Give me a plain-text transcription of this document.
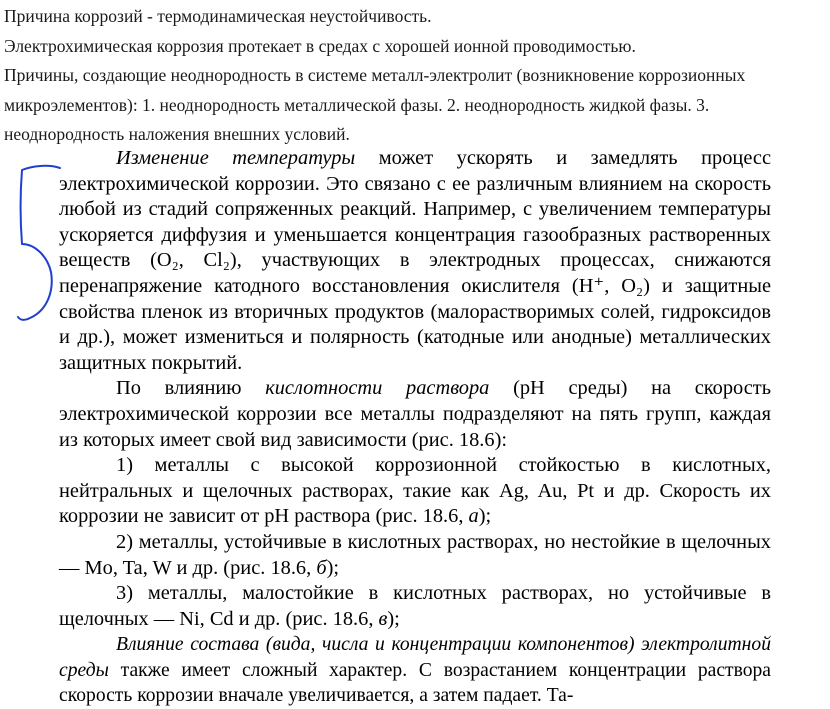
Причина коррозий - термодинамическая неустойчивость.

Электрохимическая коррозия протекает в средах с хорошей ионной проводимостью.

Причины, создающие неоднородность в системе металл-электролит (возникновение коррозионных микроэлементов): 1. неоднородность металлической фазы. 2. неоднородность жидкой фазы. 3. неоднородность наложения внешних условий.

Изменение температуры может ускорять и замедлять процесс электрохимической коррозии. Это связано с ее различным влиянием на скорость любой из стадий сопряженных реакций. Например, с увеличением температуры ускоряется диффузия и уменьшается концентрация газообразных растворенных веществ (O₂, Cl₂), участвующих в электродных процессах, снижаются перенапряжение катодного восстановления окислителя (H⁺, O₂) и защитные свойства пленок из вторичных продуктов (малорастворимых солей, гидроксидов и др.), может измениться и полярность (катодные или анодные) металлических защитных покрытий.

По влиянию кислотности раствора (pH среды) на скорость электрохимической коррозии все металлы подразделяют на пять групп, каждая из которых имеет свой вид зависимости (рис. 18.6):

1) металлы с высокой коррозионной стойкостью в кислотных, нейтральных и щелочных растворах, такие как Ag, Au, Pt и др. Скорость их коррозии не зависит от pH раствора (рис. 18.6, а);

2) металлы, устойчивые в кислотных растворах, но нестойкие в щелочных — Mo, Ta, W и др. (рис. 18.6, б);

3) металлы, малостойкие в кислотных растворах, но устойчивые в щелочных — Ni, Cd и др. (рис. 18.6, в);

Влияние состава (вида, числа и концентрации компонентов) электролитной среды также имеет сложный характер. С возрастанием концентрации раствора скорость коррозии вначале увеличивается, а затем падает. Та-
